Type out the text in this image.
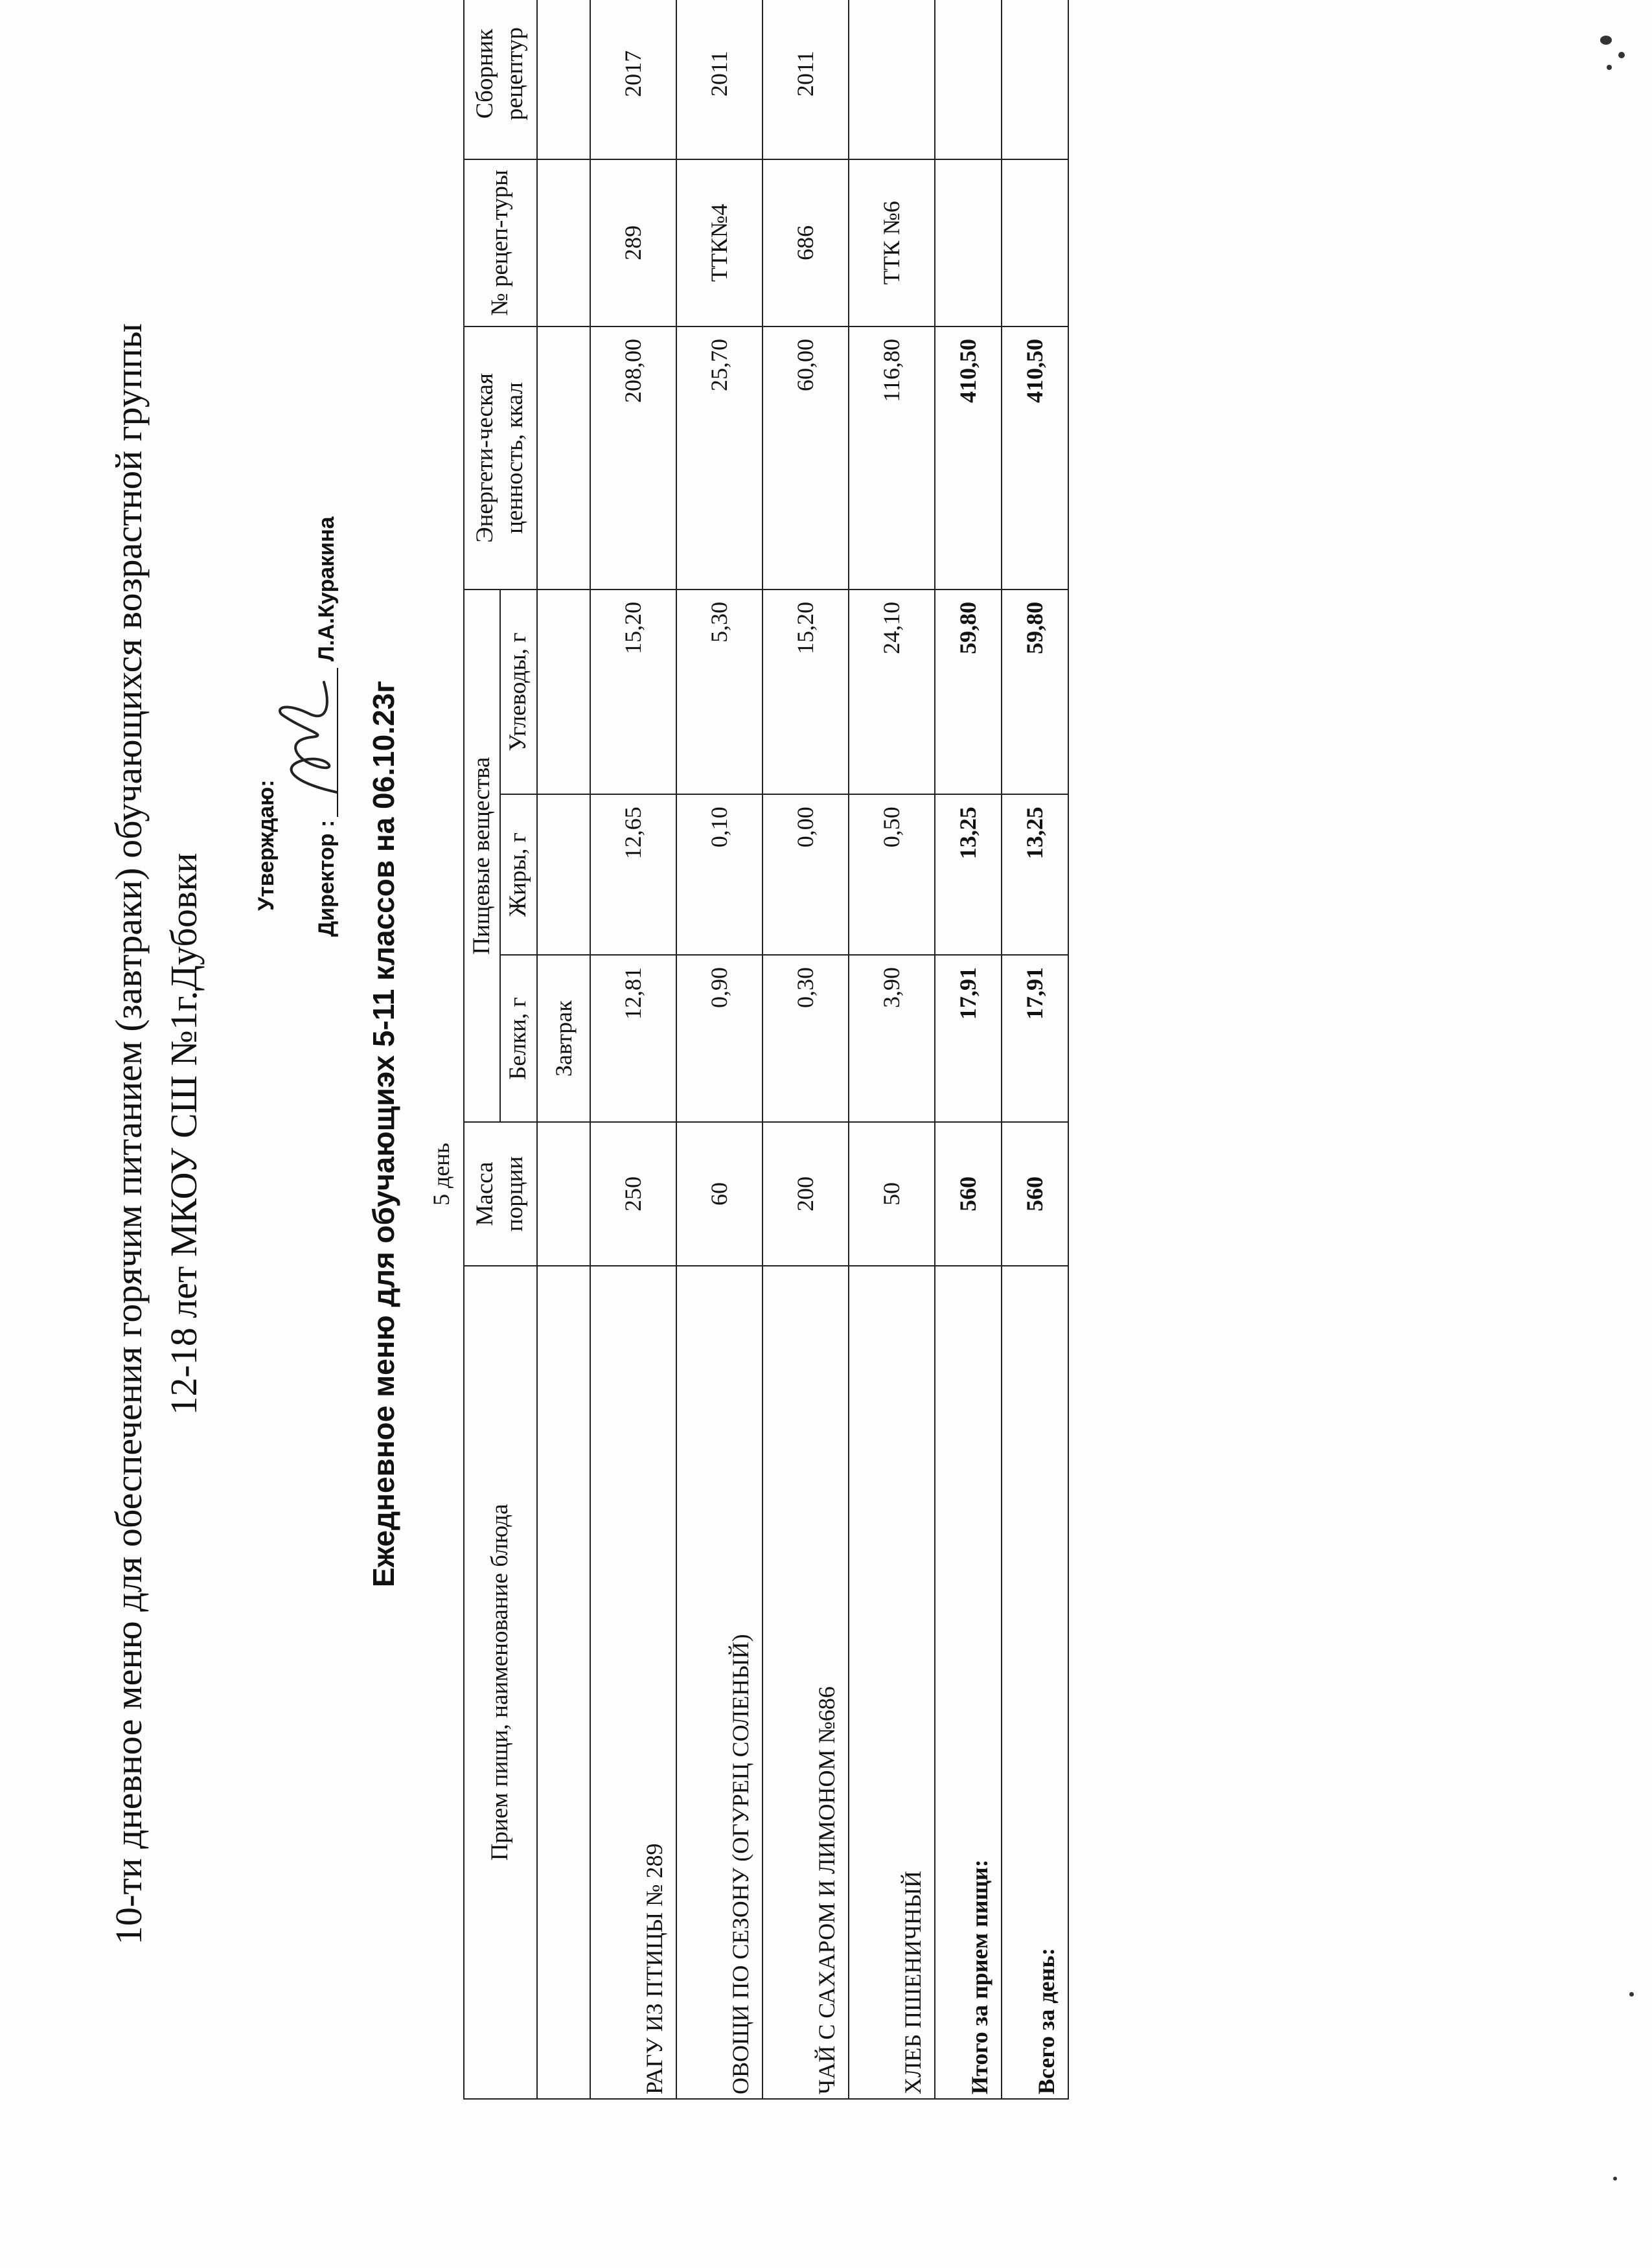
10-ти дневное меню для обеспечения горячим питанием (завтраки) обучающихся возрастной группы 12-18 лет МКОУ СШ №1г.Дубовки
Утверждаю: Директор :
Л.А.Куракина
Ежедневное меню для обучающиэх 5-11 классов на 06.10.23г 5 день
Прием пищи, наименование блюда	Масса порции	Пищевые вещества			Энергети-ческая ценность, ккал	№ рецеп-туры	Сборник рецептур
		Белки, г	Жиры, г	Углеводы, г			
		Завтрак					
РАГУ ИЗ ПТИЦЫ № 289	250	12,81	12,65	15,20	208,00	289	2017
ОВОЩИ ПО СЕЗОНУ (ОГУРЕЦ СОЛЕНЫЙ)	60	0,90	0,10	5,30	25,70	ТТК№4	2011
ЧАЙ С САХАРОМ И ЛИМОНОМ №686	200	0,30	0,00	15,20	60,00	686	2011
ХЛЕБ ПШЕНИЧНЫЙ	50	3,90	0,50	24,10	116,80	ТТК №6	
Итого за прием пищи:	560	17,91	13,25	59,80	410,50		
Всего за день:	560	17,91	13,25	59,80	410,50		
